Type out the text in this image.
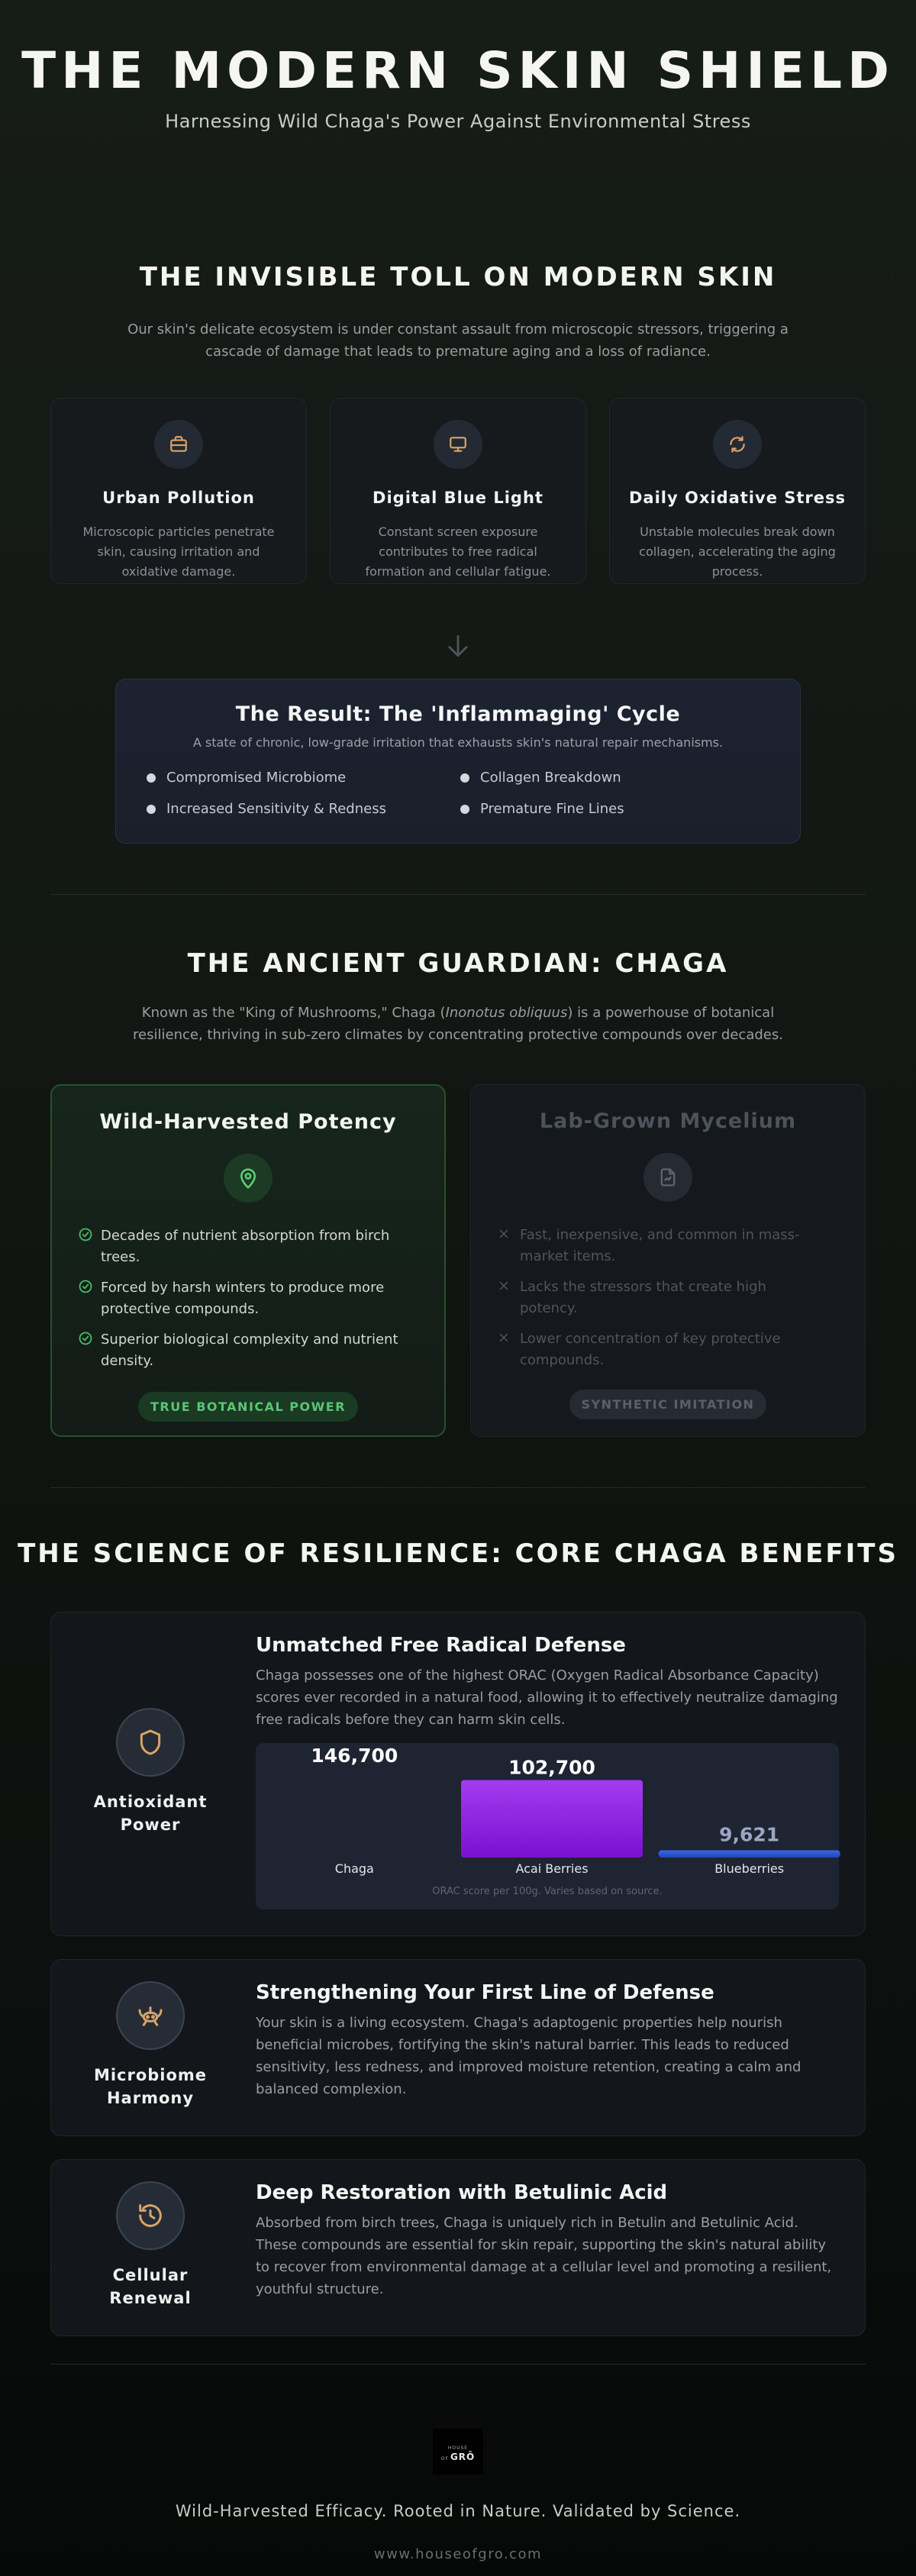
THE MODERN SKIN SHIELD

Harnessing Wild Chaga's Power Against Environmental Stress

THE INVISIBLE TOLL ON MODERN SKIN

Our skin's delicate ecosystem is under constant assault from microscopic stressors, triggering a cascade of damage that leads to premature aging and a loss of radiance.

Urban Pollution
Microscopic particles penetrate skin, causing irritation and oxidative damage.
Digital Blue Light
Constant screen exposure contributes to free radical formation and cellular fatigue.
Daily Oxidative Stress
Unstable molecules break down collagen, accelerating the aging process.
The Result: The 'Inflammaging' Cycle

A state of chronic, low-grade irritation that exhausts skin's natural repair mechanisms.

Compromised Microbiome	Collagen Breakdown
Increased Sensitivity & Redness	Premature Fine Lines
THE ANCIENT GUARDIAN: CHAGA

Known as the "King of Mushrooms," Chaga (Inonotus obliquus) is a powerhouse of botanical resilience, thriving in sub-zero climates by concentrating protective compounds over decades.

Wild-Harvested Potency
Decades of nutrient absorption from birch trees.
Forced by harsh winters to produce more protective compounds.
Superior biological complexity and nutrient density.
TRUE BOTANICAL POWER
Lab-Grown Mycelium
Fast, inexpensive, and common in mass-market items.
Lacks the stressors that create high potency.
Lower concentration of key protective compounds.
SYNTHETIC IMITATION
THE SCIENCE OF RESILIENCE: CORE CHAGA BENEFITS
Antioxidant
Power
Unmatched Free Radical Defense

Chaga possesses one of the highest ORAC (Oxygen Radical Absorbance Capacity) scores ever recorded in a natural food, allowing it to effectively neutralize damaging free radicals before they can harm skin cells.

146,700
Chaga
102,700
Acai Berries
9,621
Blueberries
ORAC score per 100g. Varies based on source.
Microbiome
Harmony
Strengthening Your First Line of Defense

Your skin is a living ecosystem. Chaga's adaptogenic properties help nourish beneficial microbes, fortifying the skin's natural barrier. This leads to reduced sensitivity, less redness, and improved moisture retention, creating a calm and balanced complexion.

Cellular
Renewal
Deep Restoration with Betulinic Acid

Absorbed from birch trees, Chaga is uniquely rich in Betulin and Betulinic Acid. These compounds are essential for skin repair, supporting the skin's natural ability to recover from environmental damage at a cellular level and promoting a resilient, youthful structure.

HOUSE OF GRŌ

Wild-Harvested Efficacy. Rooted in Nature. Validated by Science.

www.houseofgro.com
